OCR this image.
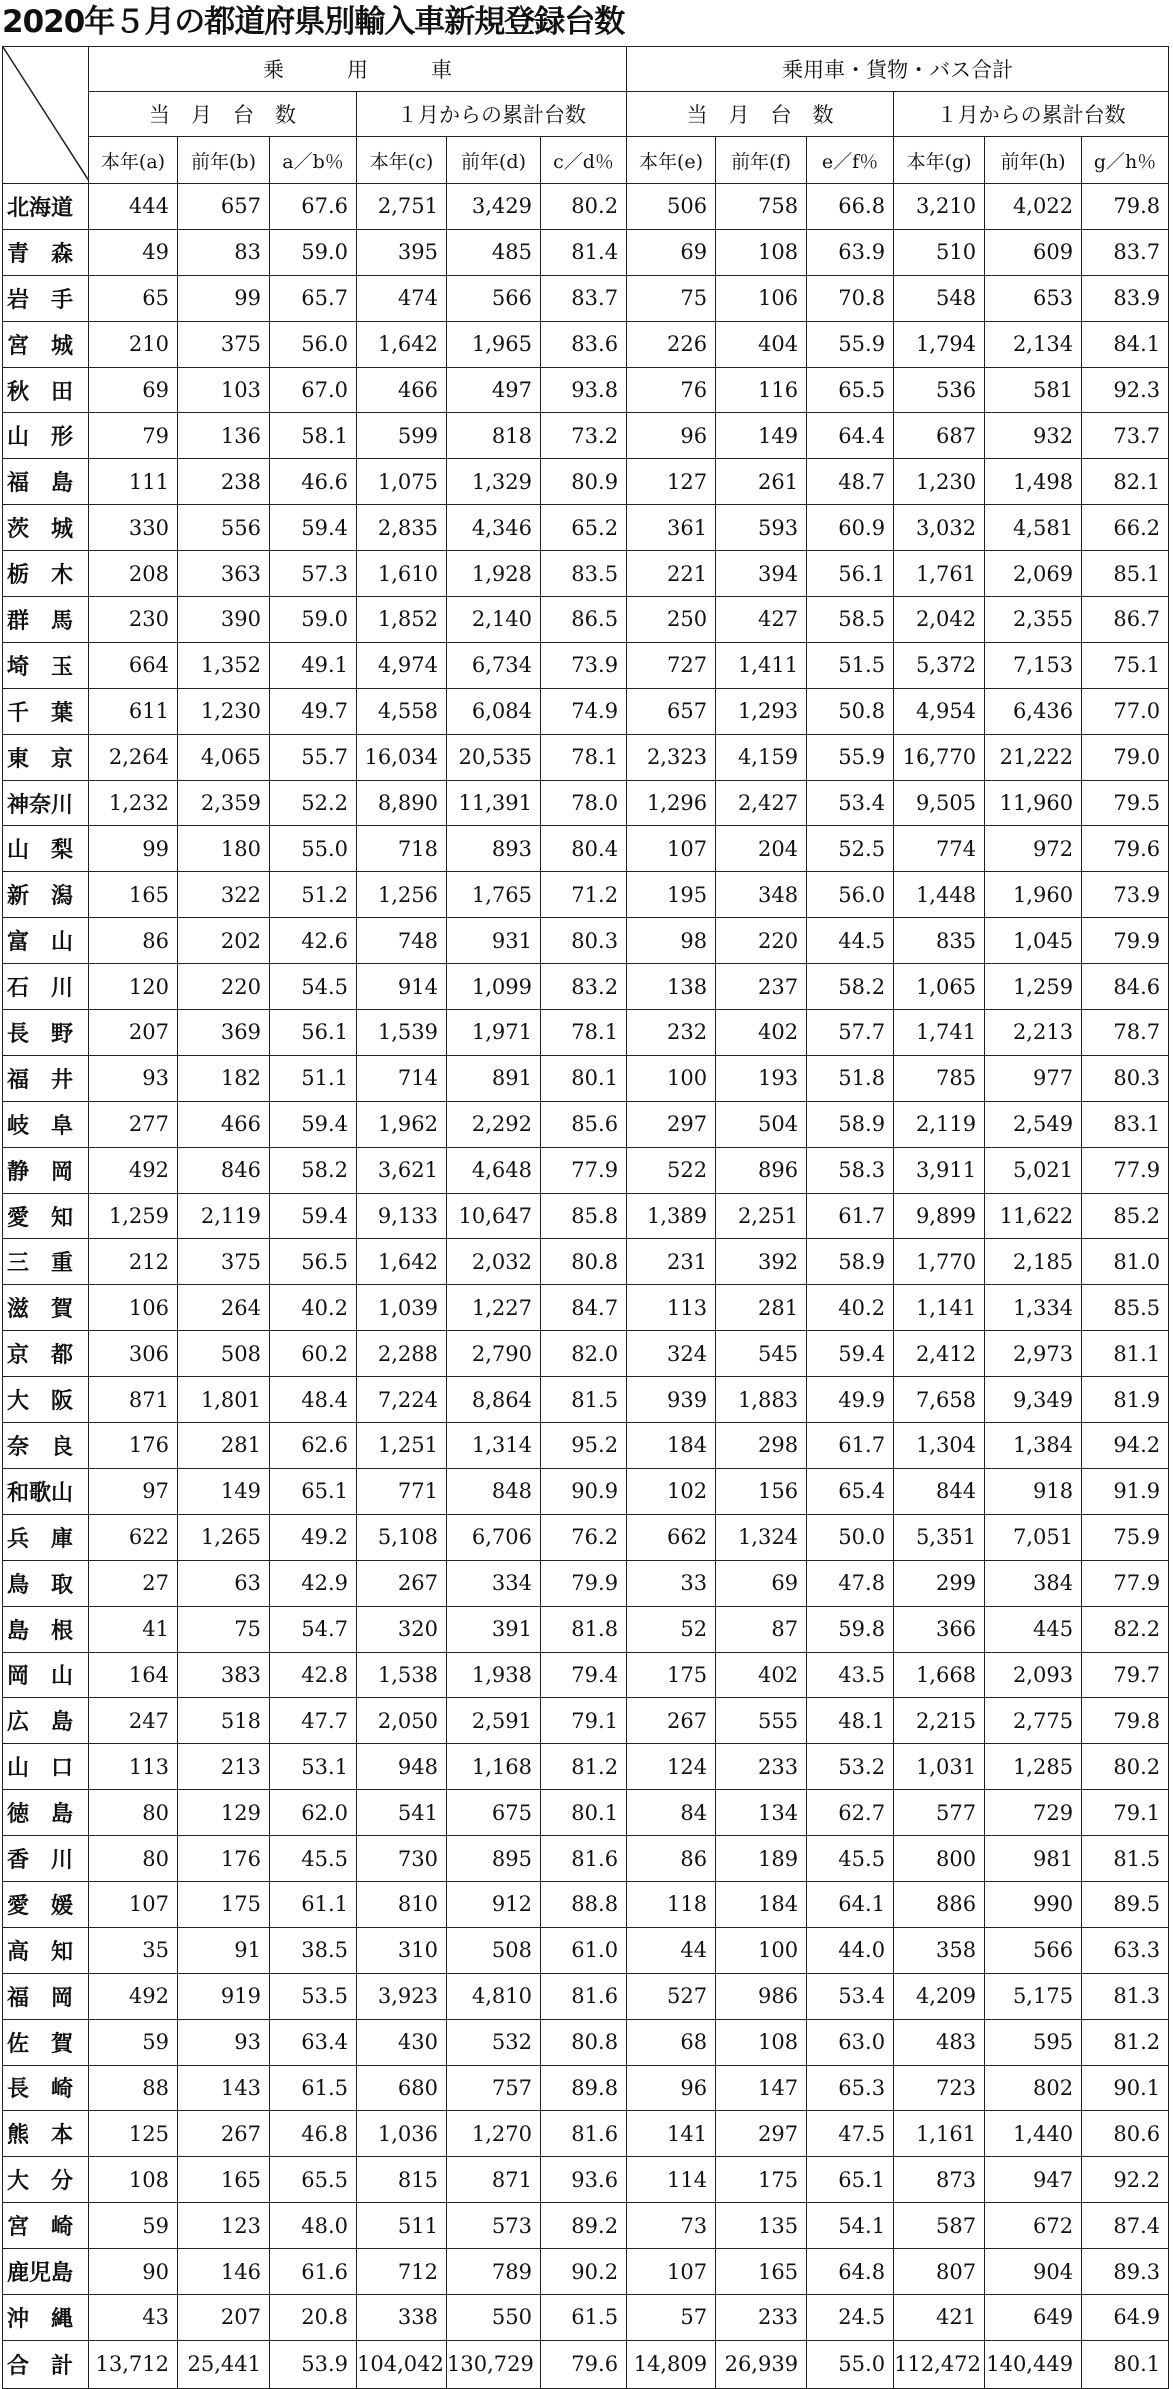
2020年５月の都道府県別輸入車新規登録台数
	乗　　　用　　　車						乗用車・貨物・バス合計					
	当　月　台　数			１月からの累計台数			当　月　台　数			１月からの累計台数		
	本年(a)	前年(b)	a／b％	本年(c)	前年(d)	c／d％	本年(e)	前年(f)	e／f％	本年(g)	前年(h)	g／h％
北海道	444	657	67.6	2,751	3,429	80.2	506	758	66.8	3,210	4,022	79.8
青　森	49	83	59.0	395	485	81.4	69	108	63.9	510	609	83.7
岩　手	65	99	65.7	474	566	83.7	75	106	70.8	548	653	83.9
宮　城	210	375	56.0	1,642	1,965	83.6	226	404	55.9	1,794	2,134	84.1
秋　田	69	103	67.0	466	497	93.8	76	116	65.5	536	581	92.3
山　形	79	136	58.1	599	818	73.2	96	149	64.4	687	932	73.7
福　島	111	238	46.6	1,075	1,329	80.9	127	261	48.7	1,230	1,498	82.1
茨　城	330	556	59.4	2,835	4,346	65.2	361	593	60.9	3,032	4,581	66.2
栃　木	208	363	57.3	1,610	1,928	83.5	221	394	56.1	1,761	2,069	85.1
群　馬	230	390	59.0	1,852	2,140	86.5	250	427	58.5	2,042	2,355	86.7
埼　玉	664	1,352	49.1	4,974	6,734	73.9	727	1,411	51.5	5,372	7,153	75.1
千　葉	611	1,230	49.7	4,558	6,084	74.9	657	1,293	50.8	4,954	6,436	77.0
東　京	2,264	4,065	55.7	16,034	20,535	78.1	2,323	4,159	55.9	16,770	21,222	79.0
神奈川	1,232	2,359	52.2	8,890	11,391	78.0	1,296	2,427	53.4	9,505	11,960	79.5
山　梨	99	180	55.0	718	893	80.4	107	204	52.5	774	972	79.6
新　潟	165	322	51.2	1,256	1,765	71.2	195	348	56.0	1,448	1,960	73.9
富　山	86	202	42.6	748	931	80.3	98	220	44.5	835	1,045	79.9
石　川	120	220	54.5	914	1,099	83.2	138	237	58.2	1,065	1,259	84.6
長　野	207	369	56.1	1,539	1,971	78.1	232	402	57.7	1,741	2,213	78.7
福　井	93	182	51.1	714	891	80.1	100	193	51.8	785	977	80.3
岐　阜	277	466	59.4	1,962	2,292	85.6	297	504	58.9	2,119	2,549	83.1
静　岡	492	846	58.2	3,621	4,648	77.9	522	896	58.3	3,911	5,021	77.9
愛　知	1,259	2,119	59.4	9,133	10,647	85.8	1,389	2,251	61.7	9,899	11,622	85.2
三　重	212	375	56.5	1,642	2,032	80.8	231	392	58.9	1,770	2,185	81.0
滋　賀	106	264	40.2	1,039	1,227	84.7	113	281	40.2	1,141	1,334	85.5
京　都	306	508	60.2	2,288	2,790	82.0	324	545	59.4	2,412	2,973	81.1
大　阪	871	1,801	48.4	7,224	8,864	81.5	939	1,883	49.9	7,658	9,349	81.9
奈　良	176	281	62.6	1,251	1,314	95.2	184	298	61.7	1,304	1,384	94.2
和歌山	97	149	65.1	771	848	90.9	102	156	65.4	844	918	91.9
兵　庫	622	1,265	49.2	5,108	6,706	76.2	662	1,324	50.0	5,351	7,051	75.9
鳥　取	27	63	42.9	267	334	79.9	33	69	47.8	299	384	77.9
島　根	41	75	54.7	320	391	81.8	52	87	59.8	366	445	82.2
岡　山	164	383	42.8	1,538	1,938	79.4	175	402	43.5	1,668	2,093	79.7
広　島	247	518	47.7	2,050	2,591	79.1	267	555	48.1	2,215	2,775	79.8
山　口	113	213	53.1	948	1,168	81.2	124	233	53.2	1,031	1,285	80.2
徳　島	80	129	62.0	541	675	80.1	84	134	62.7	577	729	79.1
香　川	80	176	45.5	730	895	81.6	86	189	45.5	800	981	81.5
愛　媛	107	175	61.1	810	912	88.8	118	184	64.1	886	990	89.5
高　知	35	91	38.5	310	508	61.0	44	100	44.0	358	566	63.3
福　岡	492	919	53.5	3,923	4,810	81.6	527	986	53.4	4,209	5,175	81.3
佐　賀	59	93	63.4	430	532	80.8	68	108	63.0	483	595	81.2
長　崎	88	143	61.5	680	757	89.8	96	147	65.3	723	802	90.1
熊　本	125	267	46.8	1,036	1,270	81.6	141	297	47.5	1,161	1,440	80.6
大　分	108	165	65.5	815	871	93.6	114	175	65.1	873	947	92.2
宮　崎	59	123	48.0	511	573	89.2	73	135	54.1	587	672	87.4
鹿児島	90	146	61.6	712	789	90.2	107	165	64.8	807	904	89.3
沖　縄	43	207	20.8	338	550	61.5	57	233	24.5	421	649	64.9
合　計	13,712	25,441	53.9	104,042	130,729	79.6	14,809	26,939	55.0	112,472	140,449	80.1
